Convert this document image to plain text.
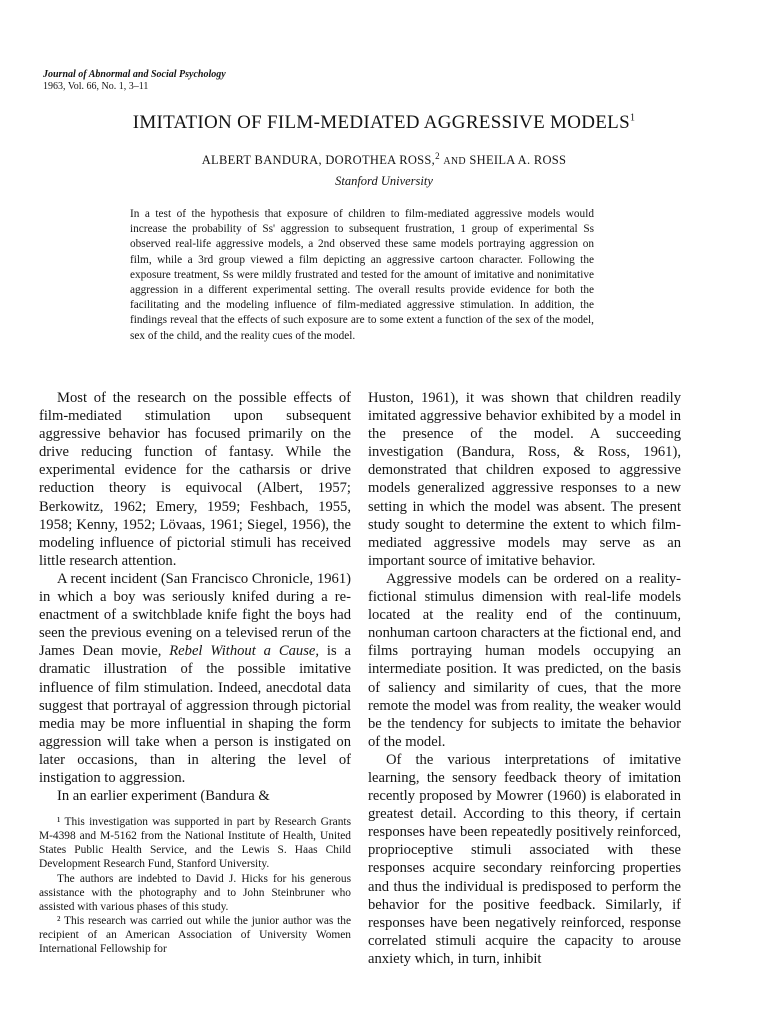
Journal of Abnormal and Social Psychology
1963, Vol. 66, No. 1, 3–11
IMITATION OF FILM-MEDIATED AGGRESSIVE MODELS$^1$
ALBERT BANDURA, DOROTHEA ROSS,$^2$ AND SHEILA A. ROSS
Stanford University
In a test of the hypothesis that exposure of children to film-mediated aggressive models would increase the probability of Ss' aggression to subsequent frustration, 1 group of experimental Ss observed real-life aggressive models, a 2nd observed these same models portraying aggression on film, while a 3rd group viewed a film depicting an aggressive cartoon character. Following the exposure treatment, Ss were mildly frustrated and tested for the amount of imitative and nonimitative aggression in a different experimental setting. The overall results provide evidence for both the facilitating and the modeling influence of film-mediated aggressive stimulation. In addition, the findings reveal that the effects of such exposure are to some extent a function of the sex of the model, sex of the child, and the reality cues of the model.

Most of the research on the possible effects of film-mediated stimulation upon subsequent aggressive behavior has focused primarily on the drive reducing function of fantasy. While the experimental evidence for the catharsis or drive reduction theory is equivocal (Albert, 1957; Berkowitz, 1962; Emery, 1959; Feshbach, 1955, 1958; Kenny, 1952; Lövaas, 1961; Siegel, 1956), the modeling influence of pictorial stimuli has received little research attention.

A recent incident (San Francisco Chronicle, 1961) in which a boy was seriously knifed during a re-enactment of a switchblade knife fight the boys had seen the previous evening on a televised rerun of the James Dean movie, Rebel Without a Cause, is a dramatic illustration of the possible imitative influence of film stimulation. Indeed, anecdotal data suggest that portrayal of aggression through pictorial media may be more influential in shaping the form aggression will take when a person is instigated on later occasions, than in altering the level of instigation to aggression.

In an earlier experiment (Bandura &

¹ This investigation was supported in part by Research Grants M-4398 and M-5162 from the National Institute of Health, United States Public Health Service, and the Lewis S. Haas Child Development Research Fund, Stanford University.

The authors are indebted to David J. Hicks for his generous assistance with the photography and to John Steinbruner who assisted with various phases of this study.

² This research was carried out while the junior author was the recipient of an American Association of University Women International Fellowship for

Huston, 1961), it was shown that children readily imitated aggressive behavior exhibited by a model in the presence of the model. A succeeding investigation (Bandura, Ross, & Ross, 1961), demonstrated that children exposed to aggressive models generalized aggressive responses to a new setting in which the model was absent. The present study sought to determine the extent to which film-mediated aggressive models may serve as an important source of imitative behavior.

Aggressive models can be ordered on a reality-fictional stimulus dimension with real-life models located at the reality end of the continuum, nonhuman cartoon characters at the fictional end, and films portraying human models occupying an intermediate position. It was predicted, on the basis of saliency and similarity of cues, that the more remote the model was from reality, the weaker would be the tendency for subjects to imitate the behavior of the model.

Of the various interpretations of imitative learning, the sensory feedback theory of imitation recently proposed by Mowrer (1960) is elaborated in greatest detail. According to this theory, if certain responses have been repeatedly positively reinforced, proprioceptive stimuli associated with these responses acquire secondary reinforcing properties and thus the individual is predisposed to perform the behavior for the positive feedback. Similarly, if responses have been negatively reinforced, response correlated stimuli acquire the capacity to arouse anxiety which, in turn, inhibit
